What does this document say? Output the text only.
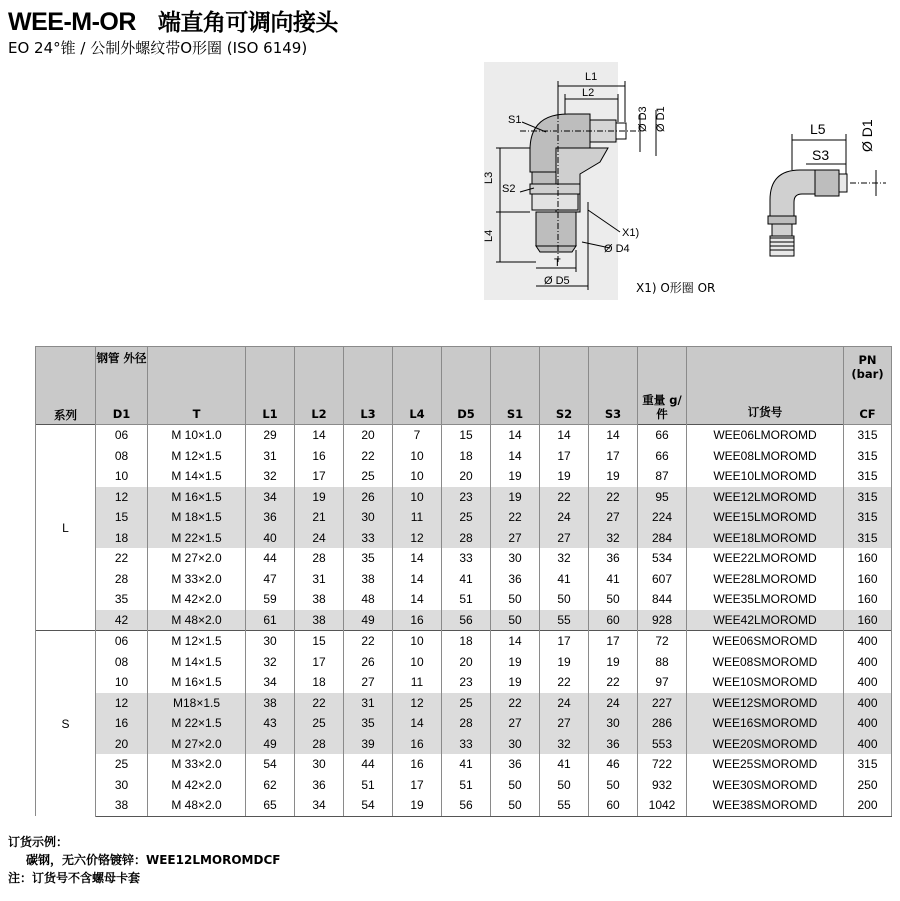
WEE-M-OR 端直角可调向接头
EO 24°锥 / 公制外螺纹带O形圈 (ISO 6149)
L1
L2
S1	Ø D3 Ø D1
L3
S2
L4	X1)
Ø D4
T
Ø D5
L5 Ø D1
S3
X1) O形圈 OR
系列	钢管 外径										重量 g/件	订货号	PN (bar)
	D1	T	L1	L2	L3	L4	D5	S1	S2	S3			CF
L	06	M 10×1.0	29	14	20	7	15	14	14	14	66	WEE06LMOROMD	315
	08	M 12×1.5	31	16	22	10	18	14	17	17	66	WEE08LMOROMD	315
	10	M 14×1.5	32	17	25	10	20	19	19	19	87	WEE10LMOROMD	315
	12	M 16×1.5	34	19	26	10	23	19	22	22	95	WEE12LMOROMD	315
	15	M 18×1.5	36	21	30	11	25	22	24	27	224	WEE15LMOROMD	315
	18	M 22×1.5	40	24	33	12	28	27	27	32	284	WEE18LMOROMD	315
	22	M 27×2.0	44	28	35	14	33	30	32	36	534	WEE22LMOROMD	160
	28	M 33×2.0	47	31	38	14	41	36	41	41	607	WEE28LMOROMD	160
	35	M 42×2.0	59	38	48	14	51	50	50	50	844	WEE35LMOROMD	160
	42	M 48×2.0	61	38	49	16	56	50	55	60	928	WEE42LMOROMD	160
S	06	M 12×1.5	30	15	22	10	18	14	17	17	72	WEE06SMOROMD	400
	08	M 14×1.5	32	17	26	10	20	19	19	19	88	WEE08SMOROMD	400
	10	M 16×1.5	34	18	27	11	23	19	22	22	97	WEE10SMOROMD	400
	12	M18×1.5	38	22	31	12	25	22	24	24	227	WEE12SMOROMD	400
	16	M 22×1.5	43	25	35	14	28	27	27	30	286	WEE16SMOROMD	400
	20	M 27×2.0	49	28	39	16	33	30	32	36	553	WEE20SMOROMD	400
	25	M 33×2.0	54	30	44	16	41	36	41	46	722	WEE25SMOROMD	315
	30	M 42×2.0	62	36	51	17	51	50	50	50	932	WEE30SMOROMD	250
	38	M 48×2.0	65	34	54	19	56	50	55	60	1042	WEE38SMOROMD	200
订货示例：
碳钢，无六价铬镀锌：WEE12LMOROMDCF
注：订货号不含螺母卡套
